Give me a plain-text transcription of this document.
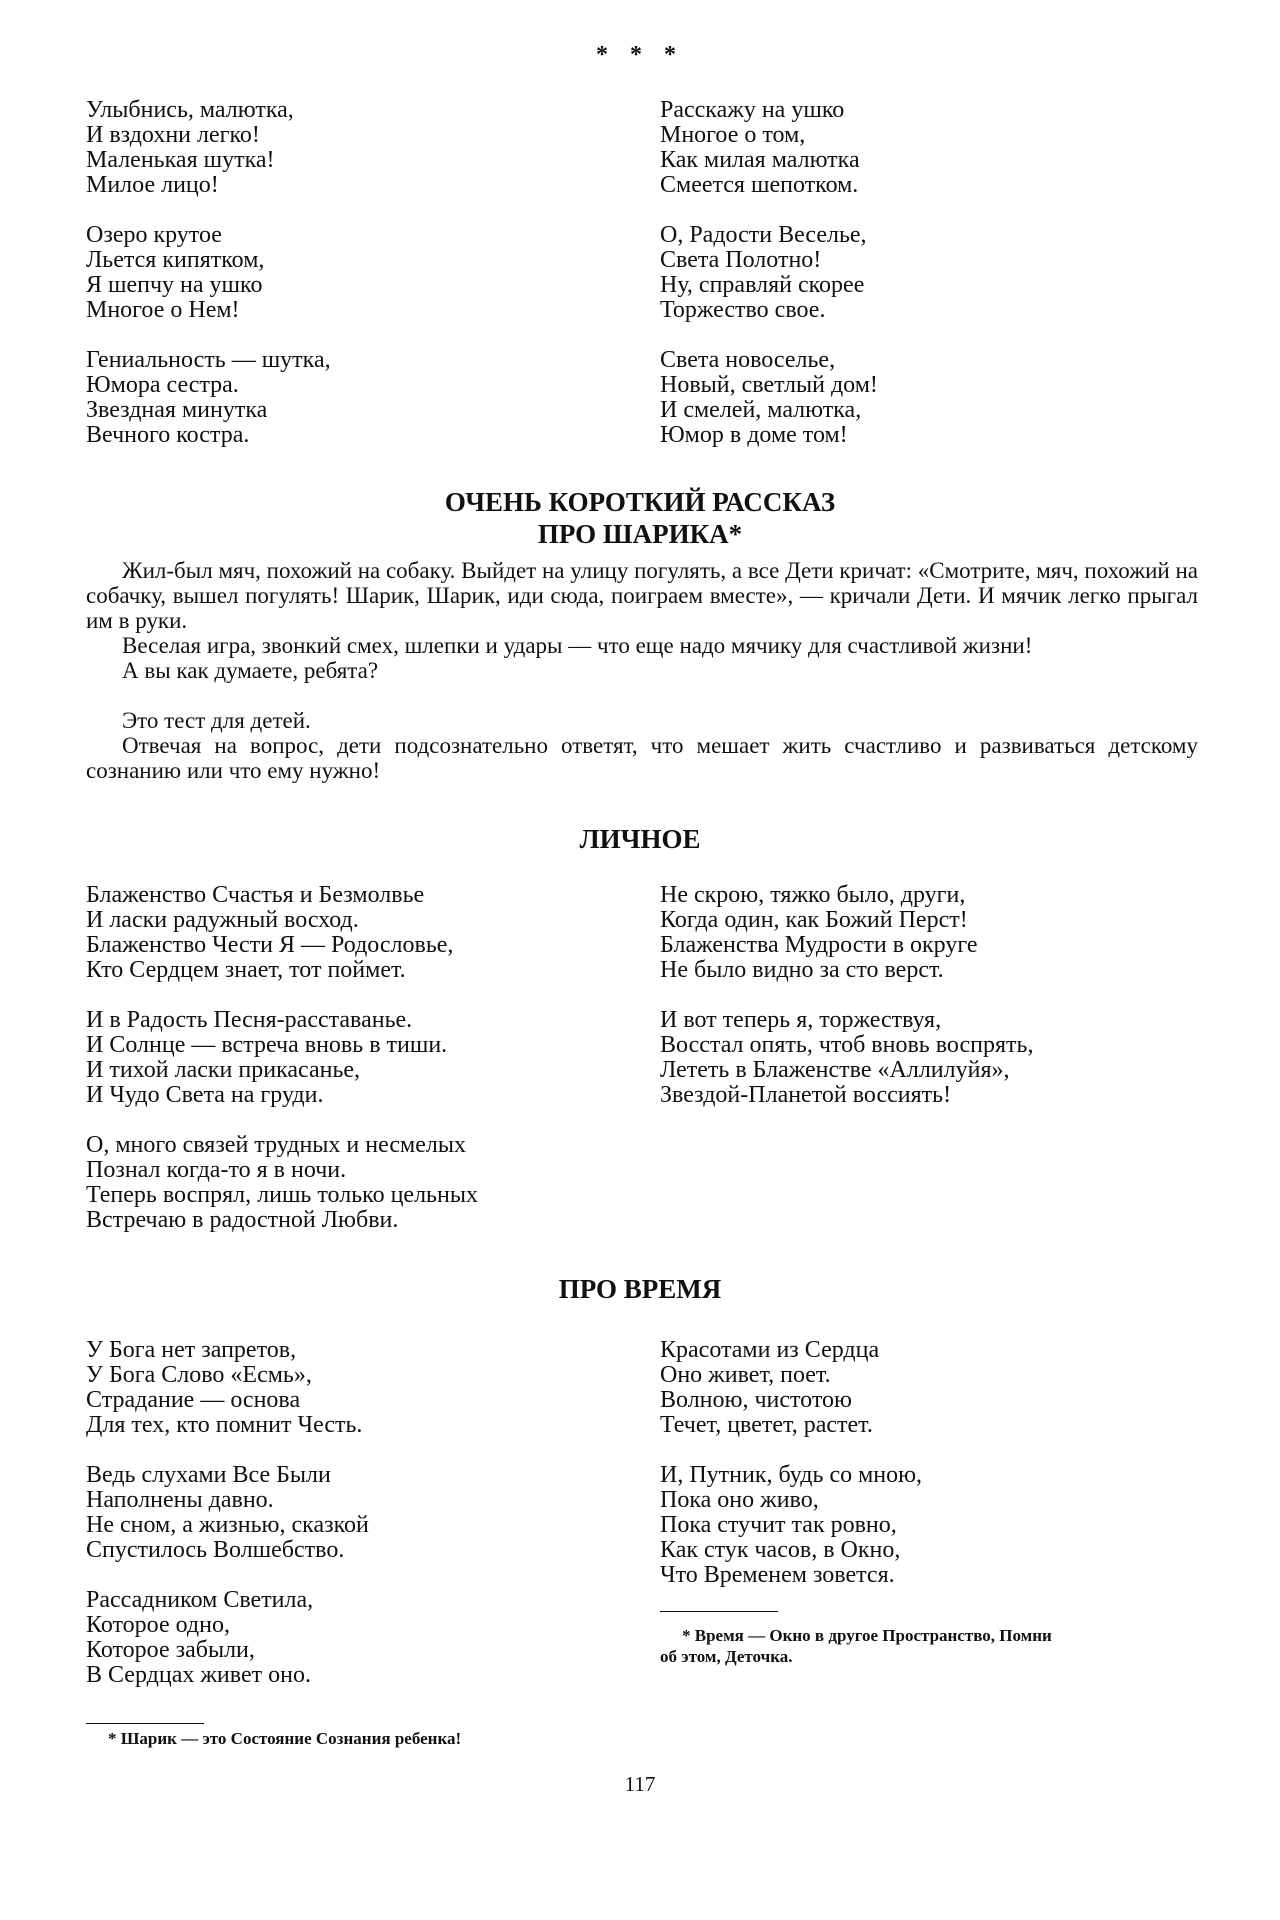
* * *
Улыбнись, малютка,
И вздохни легко!
Маленькая шутка!
Милое лицо!
Озеро крутое
Льется кипятком,
Я шепчу на ушко
Многое о Нем!
Гениальность — шутка,
Юмора сестра.
Звездная минутка
Вечного костра.
Расскажу на ушко
Многое о том,
Как милая малютка
Смеется шепотком.
О, Радости Веселье,
Света Полотно!
Ну, справляй скорее
Торжество свое.
Света новоселье,
Новый, светлый дом!
И смелей, малютка,
Юмор в доме том!
ОЧЕНЬ КОРОТКИЙ РАССКАЗ
ПРО ШАРИКА*

Жил-был мяч, похожий на собаку. Выйдет на улицу погулять, а все Дети кричат: «Смотрите, мяч, похожий на собачку, вышел погулять! Шарик, Шарик, иди сюда, поиграем вместе», — кричали Дети. И мячик легко прыгал им в руки.

Веселая игра, звонкий смех, шлепки и удары — что еще надо мячику для счастливой жизни!

А вы как думаете, ребята?

Это тест для детей.

Отвечая на вопрос, дети подсознательно ответят, что мешает жить счастливо и развиваться детскому сознанию или что ему нужно!

ЛИЧНОЕ
Блаженство Счастья и Безмолвье
И ласки радужный восход.
Блаженство Чести Я — Родословье,
Кто Сердцем знает, тот поймет.
И в Радость Песня-расставанье.
И Солнце — встреча вновь в тиши.
И тихой ласки прикасанье,
И Чудо Света на груди.
О, много связей трудных и несмелых
Познал когда-то я в ночи.
Теперь воспрял, лишь только цельных
Встречаю в радостной Любви.
Не скрою, тяжко было, други,
Когда один, как Божий Перст!
Блаженства Мудрости в округе
Не было видно за сто верст.
И вот теперь я, торжествуя,
Восстал опять, чтоб вновь воспрять,
Лететь в Блаженстве «Аллилуйя»,
Звездой-Планетой воссиять!
ПРО ВРЕМЯ
У Бога нет запретов,
У Бога Слово «Есмь»,
Страдание — основа
Для тех, кто помнит Честь.
Ведь слухами Все Были
Наполнены давно.
Не сном, а жизнью, сказкой
Спустилось Волшебство.
Рассадником Светила,
Которое одно,
Которое забыли,
В Сердцах живет оно.
Красотами из Сердца
Оно живет, поет.
Волною, чистотою
Течет, цветет, растет.
И, Путник, будь со мною,
Пока оно живо,
Пока стучит так ровно,
Как стук часов, в Окно,
Что Временем зовется.
* Время — Окно в другое Пространство, Помни
об этом, Деточка.
* Шарик — это Состояние Сознания ребенка!
117
